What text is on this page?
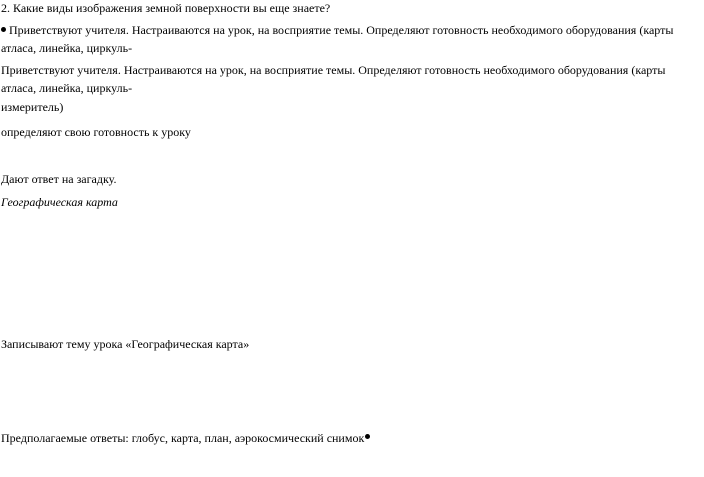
2. Какие виды изображения земной поверхности вы еще знаете?
Приветствуют учителя. Настраиваются на урок, на восприятие темы. Определяют готовность необходимого оборудования (карты атласа, линейка, циркуль-
Приветствуют учителя. Настраиваются на урок, на восприятие темы. Определяют готовность необходимого оборудования (карты атласа, линейка, циркуль-
измеритель)
определяют свою готовность к уроку
Дают ответ на загадку.
Географическая карта
Записывают тему урока «Географическая карта»
Предполагаемые ответы: глобус, карта, план, аэрокосмический снимок
